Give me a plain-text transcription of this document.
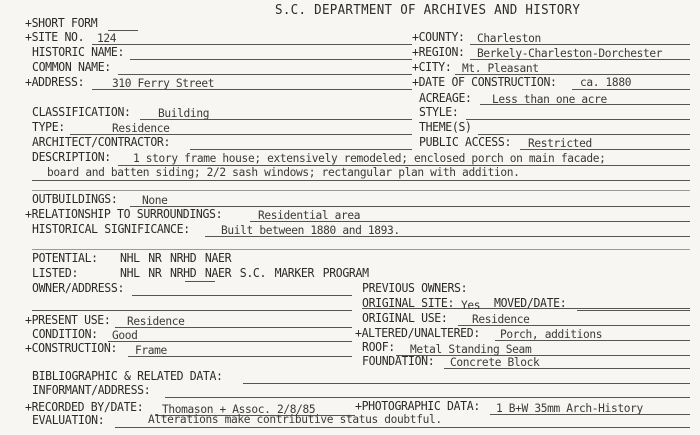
S.C. DEPARTMENT OF ARCHIVES AND HISTORY
+SHORT FORM
+SITE NO. 124	+COUNTY: Charleston
HISTORIC NAME:	+REGION: Berkely-Charleston-Dorchester
COMMON NAME:	+CITY: Mt. Pleasant
+ADDRESS: 310 Ferry Street	+DATE OF CONSTRUCTION: ca. 1880
ACREAGE: Less than one acre
CLASSIFICATION: Building	STYLE:
TYPE:	Residence	THEME(S)
ARCHITECT/CONTRACTOR:	PUBLIC ACCESS: Restricted
DESCRIPTION: 1 story frame house; extensively remodeled; enclosed porch on main facade;
board and batten siding; 2/2 sash windows; rectangular plan with addition.
OUTBUILDINGS: None
+RELATIONSHIP TO SURROUNDINGS:	Residential area
HISTORICAL SIGNIFICANCE:	Built between 1880 and 1893.
POTENTIAL: NHL NR NRHD NAER
LISTED:	NHL NR NRHD NAER S.C. MARKER PROGRAM
OWNER/ADDRESS:	PREVIOUS OWNERS:
ORIGINAL SITE: Yes MOVED/DATE:
+PRESENT USE: Residence	ORIGINAL USE: Residence
CONDITION: Good	+ALTERED/UNALTERED: Porch, additions
+CONSTRUCTION: Frame	ROOF: Metal Standing Seam
FOUNDATION: Concrete Block
BIBLIOGRAPHIC & RELATED DATA:
INFORMANT/ADDRESS:
+RECORDED BY/DATE: Thomason + Assoc. 2/8/85	+PHOTOGRAPHIC DATA: 1 B+W 35mm Arch-History
EVALUATION:	Alterations make contributive status doubtful.
